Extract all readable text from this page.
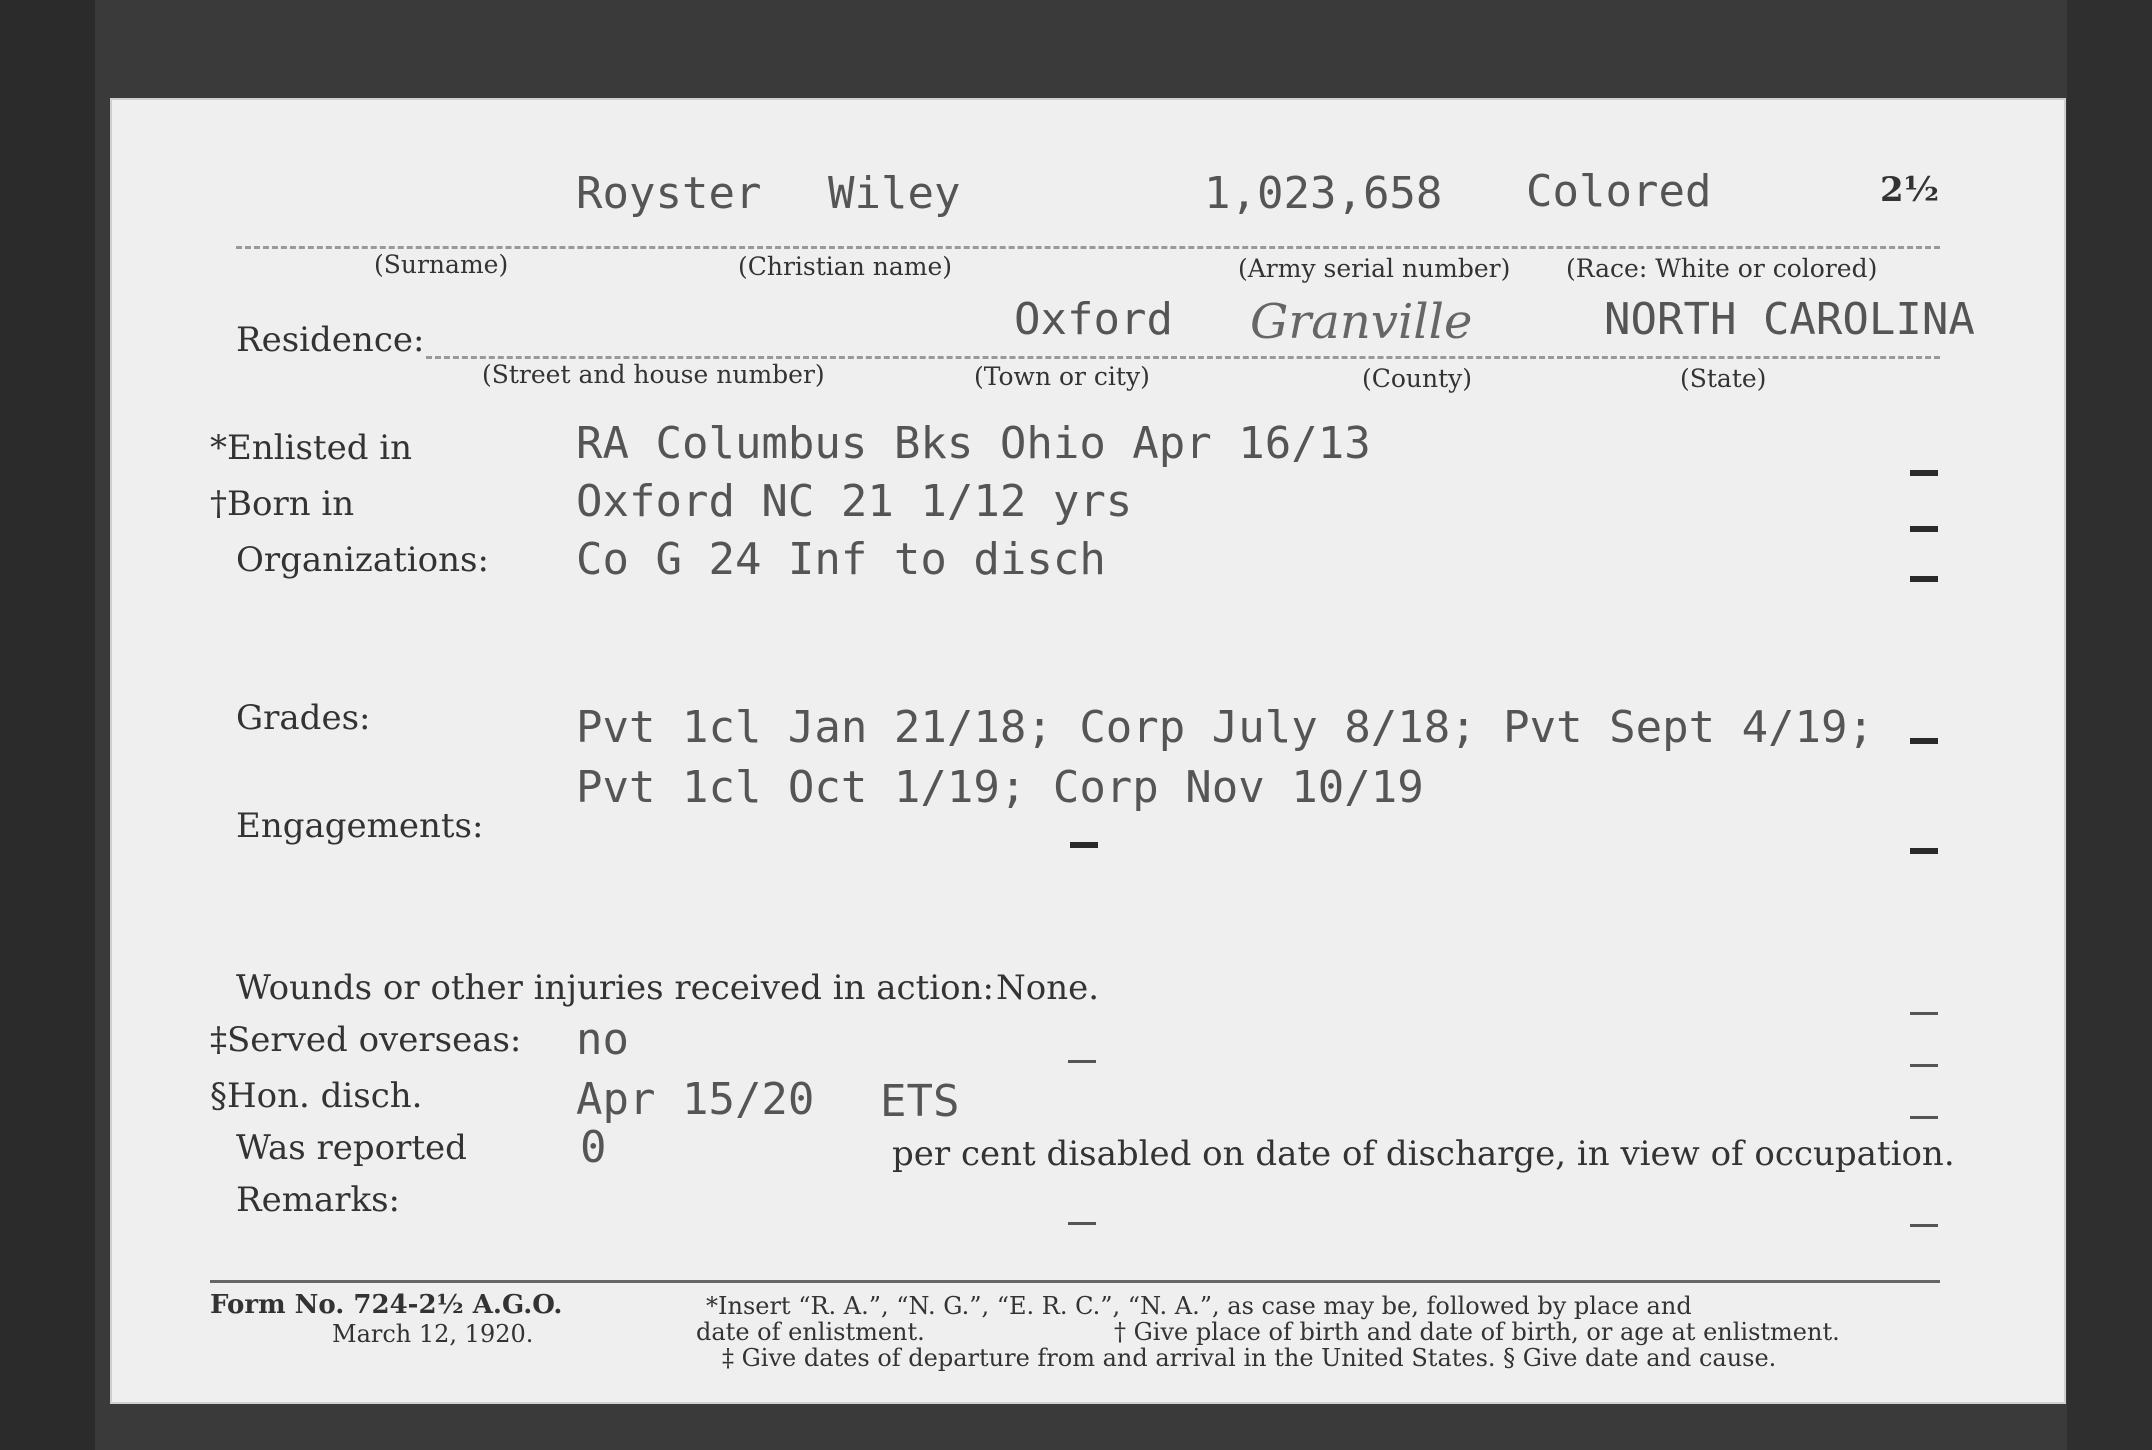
Royster Wiley	1,023,658 Colored	2½
(Surname)	(Christian name)	(Army serial number) (Race: White or colored)
Residence:	Oxford Granville	NORTH CAROLINA
(Street and house number)	(Town or city)	(County)	(State)
*Enlisted in	RA Columbus Bks Ohio Apr 16/13
†Born in	Oxford NC 21 1/12 yrs
Organizations: Co G 24 Inf to disch
Grades:	Pvt 1cl Jan 21/18; Corp July 8/18; Pvt Sept 4/19;
Pvt 1cl Oct 1/19; Corp Nov 10/19
Engagements:
Wounds or other injuries received in action: None.
‡Served overseas: no
§Hon. disch.	Apr 15/20 ETS
Was reported	0	per cent disabled on date of discharge, in view of occupation.
Remarks:
Form No. 724-2½ A.G.O.
March 12, 1920.
*Insert “R. A.”, “N. G.”, “E. R. C.”, “N. A.”, as case may be, followed by place and
date of enlistment.	† Give place of birth and date of birth, or age at enlistment.
‡ Give dates of departure from and arrival in the United States. § Give date and cause.
